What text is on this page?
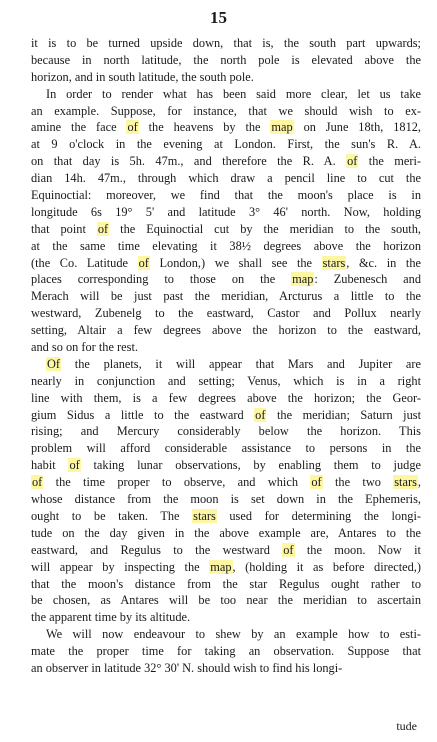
15
it is to be turned upside down, that is, the south part upwards;
because in north latitude, the north pole is elevated above the
horizon, and in south latitude, the south pole.
In order to render what has been said more clear, let us take
an example. Suppose, for instance, that we should wish to ex-
amine the face of the heavens by the map on June 18th, 1812,
at 9 o'clock in the evening at London. First, the sun's R. A.
on that day is 5h. 47m., and therefore the R. A. of the meri-
dian 14h. 47m., through which draw a pencil line to cut the
Equinoctial: moreover, we find that the moon's place is in
longitude 6s 19° 5' and latitude 3° 46' north. Now, holding
that point of the Equinoctial cut by the meridian to the south,
at the same time elevating it 38½ degrees above the horizon
(the Co. Latitude of London,) we shall see the stars, &c. in the
places corresponding to those on the map: Zubenesch and
Merach will be just past the meridian, Arcturus a little to the
westward, Zubenelg to the eastward, Castor and Pollux nearly
setting, Altair a few degrees above the horizon to the eastward,
and so on for the rest.
Of the planets, it will appear that Mars and Jupiter are
nearly in conjunction and setting; Venus, which is in a right
line with them, is a few degrees above the horizon; the Geor-
gium Sidus a little to the eastward of the meridian; Saturn just
rising; and Mercury considerably below the horizon. This
problem will afford considerable assistance to persons in the
habit of taking lunar observations, by enabling them to judge
of the time proper to observe, and which of the two stars,
whose distance from the moon is set down in the Ephemeris,
ought to be taken. The stars used for determining the longi-
tude on the day given in the above example are, Antares to the
eastward, and Regulus to the westward of the moon. Now it
will appear by inspecting the map, (holding it as before directed,)
that the moon's distance from the star Regulus ought rather to
be chosen, as Antares will be too near the meridian to ascertain
the apparent time by its altitude.
We will now endeavour to shew by an example how to esti-
mate the proper time for taking an observation. Suppose that
an observer in latitude 32° 30' N. should wish to find his longi-
tude
